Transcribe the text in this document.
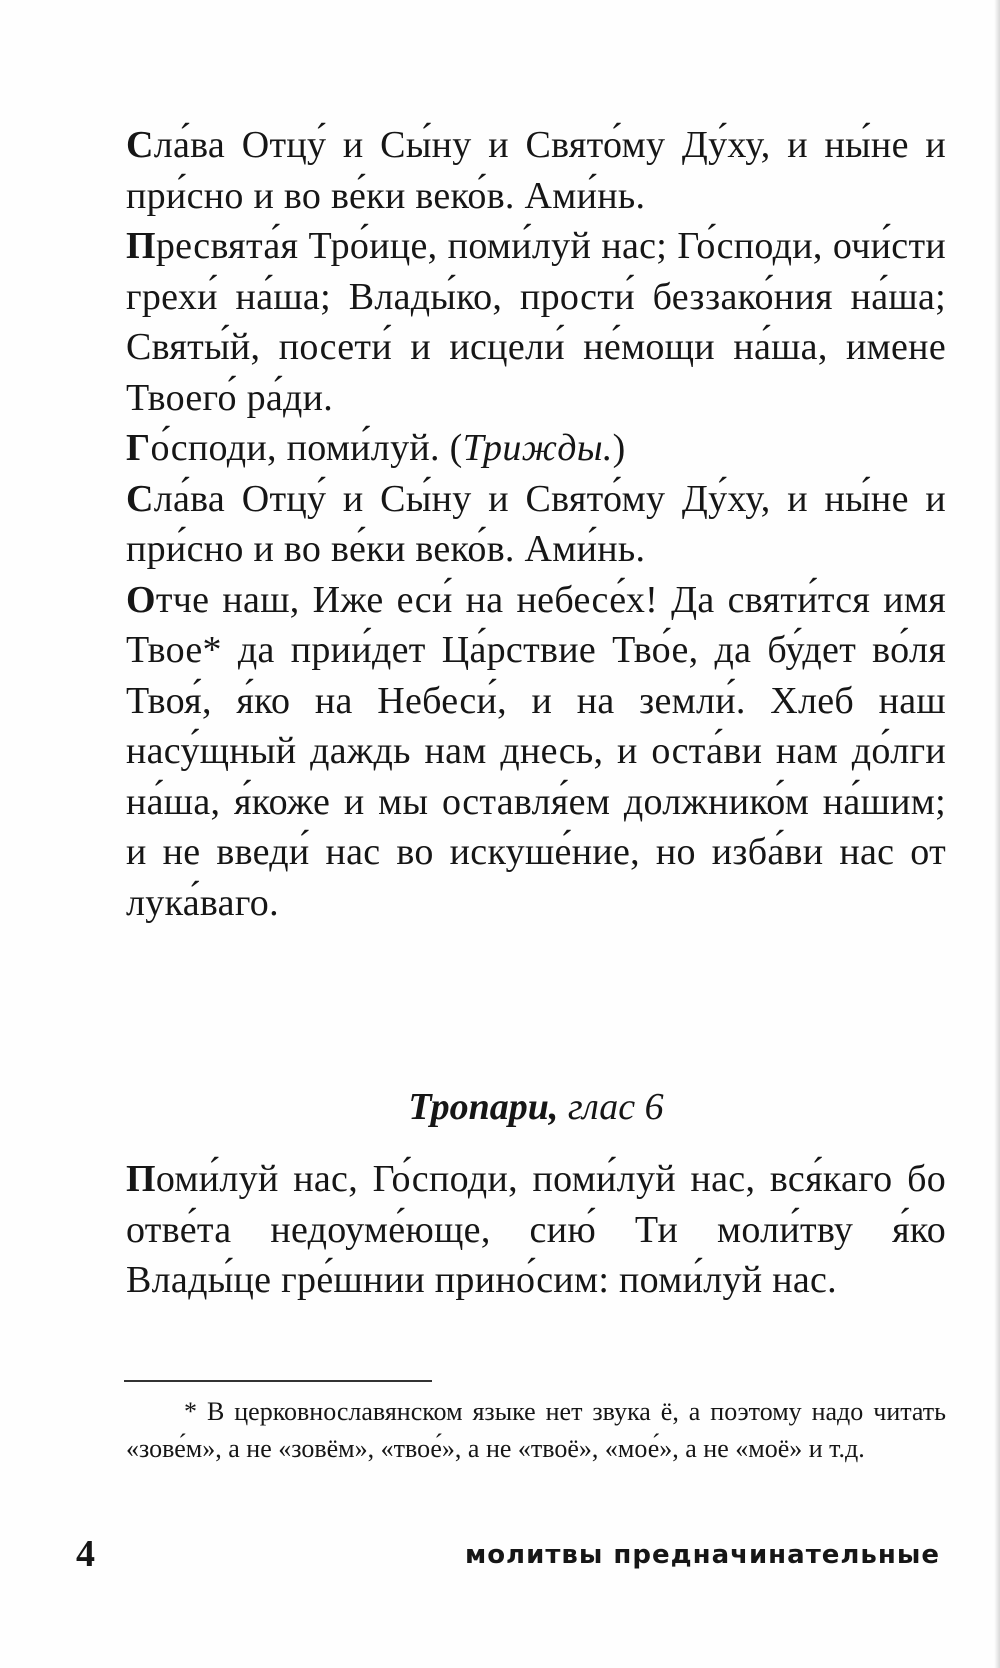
Сла́ва Отцу́ и Сы́ну и Свято́му Ду́ху, и ны́не и при́сно и во ве́ки веко́в. Ами́нь.

Пресвята́я Тро́ице, поми́луй нас; Го́споди, очи́сти грехи́ на́ша; Влады́ко, прости́ беззако́ния на́ша; Святы́й, посети́ и исцели́ не́мощи на́ша, имене Твоего́ ра́ди.

Го́споди, поми́луй. (Трижды.)

Сла́ва Отцу́ и Сы́ну и Свято́му Ду́ху, и ны́не и при́сно и во ве́ки веко́в. Ами́нь.

Отче наш, Иже еси́ на небесе́х! Да святи́тся имя Твое* да прии́дет Ца́рствие Тво́е, да бу́дет во́ля Твоя́, я́ко на Небеси́, и на земли́. Хлеб наш насу́щный даждь нам днесь, и оста́ви нам до́лги на́ша, я́коже и мы оставля́ем должнико́м на́шим; и не введи́ нас во искуше́ние, но изба́ви нас от лука́ваго.

Тропари, глас 6

Поми́луй нас, Го́споди, поми́луй нас, вся́каго бо отве́та недоуме́юще, сию́ Ти моли́тву я́ко Влады́це гре́шнии прино́сим: поми́луй нас.

* В церковнославянском языке нет звука ё, а поэтому надо читать «зове́м», а не «зовём», «твое́», а не «твоё», «мое́», а не «моё» и т.д.

4	молитвы предначинательные
